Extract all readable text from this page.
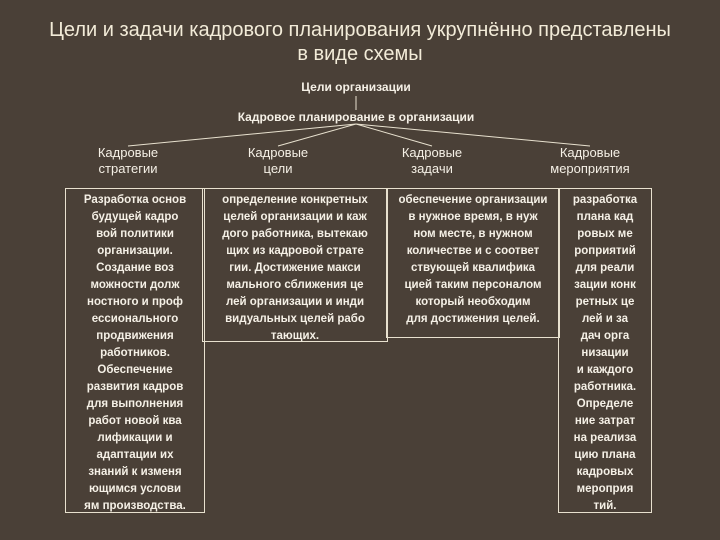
Цели и задачи кадрового планирования укрупнённо представлены
в виде схемы
Цели организации
Кадровое планирование в организации
Кадровые
стратегии
Кадровые
цели
Кадровые
задачи
Кадровые
мероприятия
Разработка основ
будущей кадро
вой политики
организации.
Создание воз
можности долж
ностного и проф
ессионального
продвижения
работников.
Обеспечение
развития кадров
для выполнения
работ новой ква
лификации и
адаптации их
знаний к изменя
ющимся услови
ям производства.
определение конкретных
целей организации и каж
дого работника, вытекаю
щих из кадровой страте
гии. Достижение макси
мального сближения це
лей организации и инди
видуальных целей рабо
тающих.
обеспечение организации
в нужное время, в нуж
ном месте, в нужном
количестве и с соответ
ствующей квалифика
цией таким персоналом
который необходим
для достижения целей.
разработка
плана кад
ровых ме
роприятий
для реали
зации конк
ретных це
лей и за
дач орга
низации
и каждого
работника.
Определе
ние затрат
на реализа
цию плана
кадровых
мероприя
тий.
